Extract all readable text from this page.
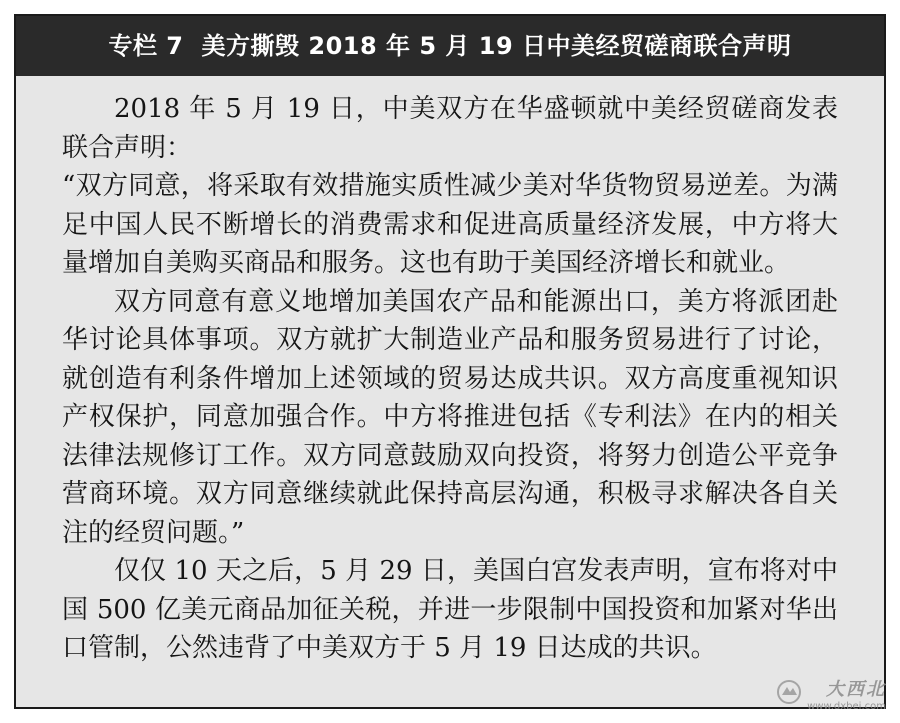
专栏 7 美方撕毁 2018 年 5 月 19 日中美经贸磋商联合声明

2018 年 5 月 19 日，中美双方在华盛顿就中美经贸磋商发表联合声明：

“双方同意，将采取有效措施实质性减少美对华货物贸易逆差。为满足中国人民不断增长的消费需求和促进高质量经济发展，中方将大量增加自美购买商品和服务。这也有助于美国经济增长和就业。

双方同意有意义地增加美国农产品和能源出口，美方将派团赴华讨论具体事项。双方就扩大制造业产品和服务贸易进行了讨论，就创造有利条件增加上述领域的贸易达成共识。双方高度重视知识产权保护，同意加强合作。中方将推进包括《专利法》在内的相关法律法规修订工作。双方同意鼓励双向投资，将努力创造公平竞争营商环境。双方同意继续就此保持高层沟通，积极寻求解决各自关注的经贸问题。”

仅仅 10 天之后，5 月 29 日，美国白宫发表声明，宣布将对中国 500 亿美元商品加征关税，并进一步限制中国投资和加紧对华出口管制，公然违背了中美双方于 5 月 19 日达成的共识。

大西北
www.dxbei.com
